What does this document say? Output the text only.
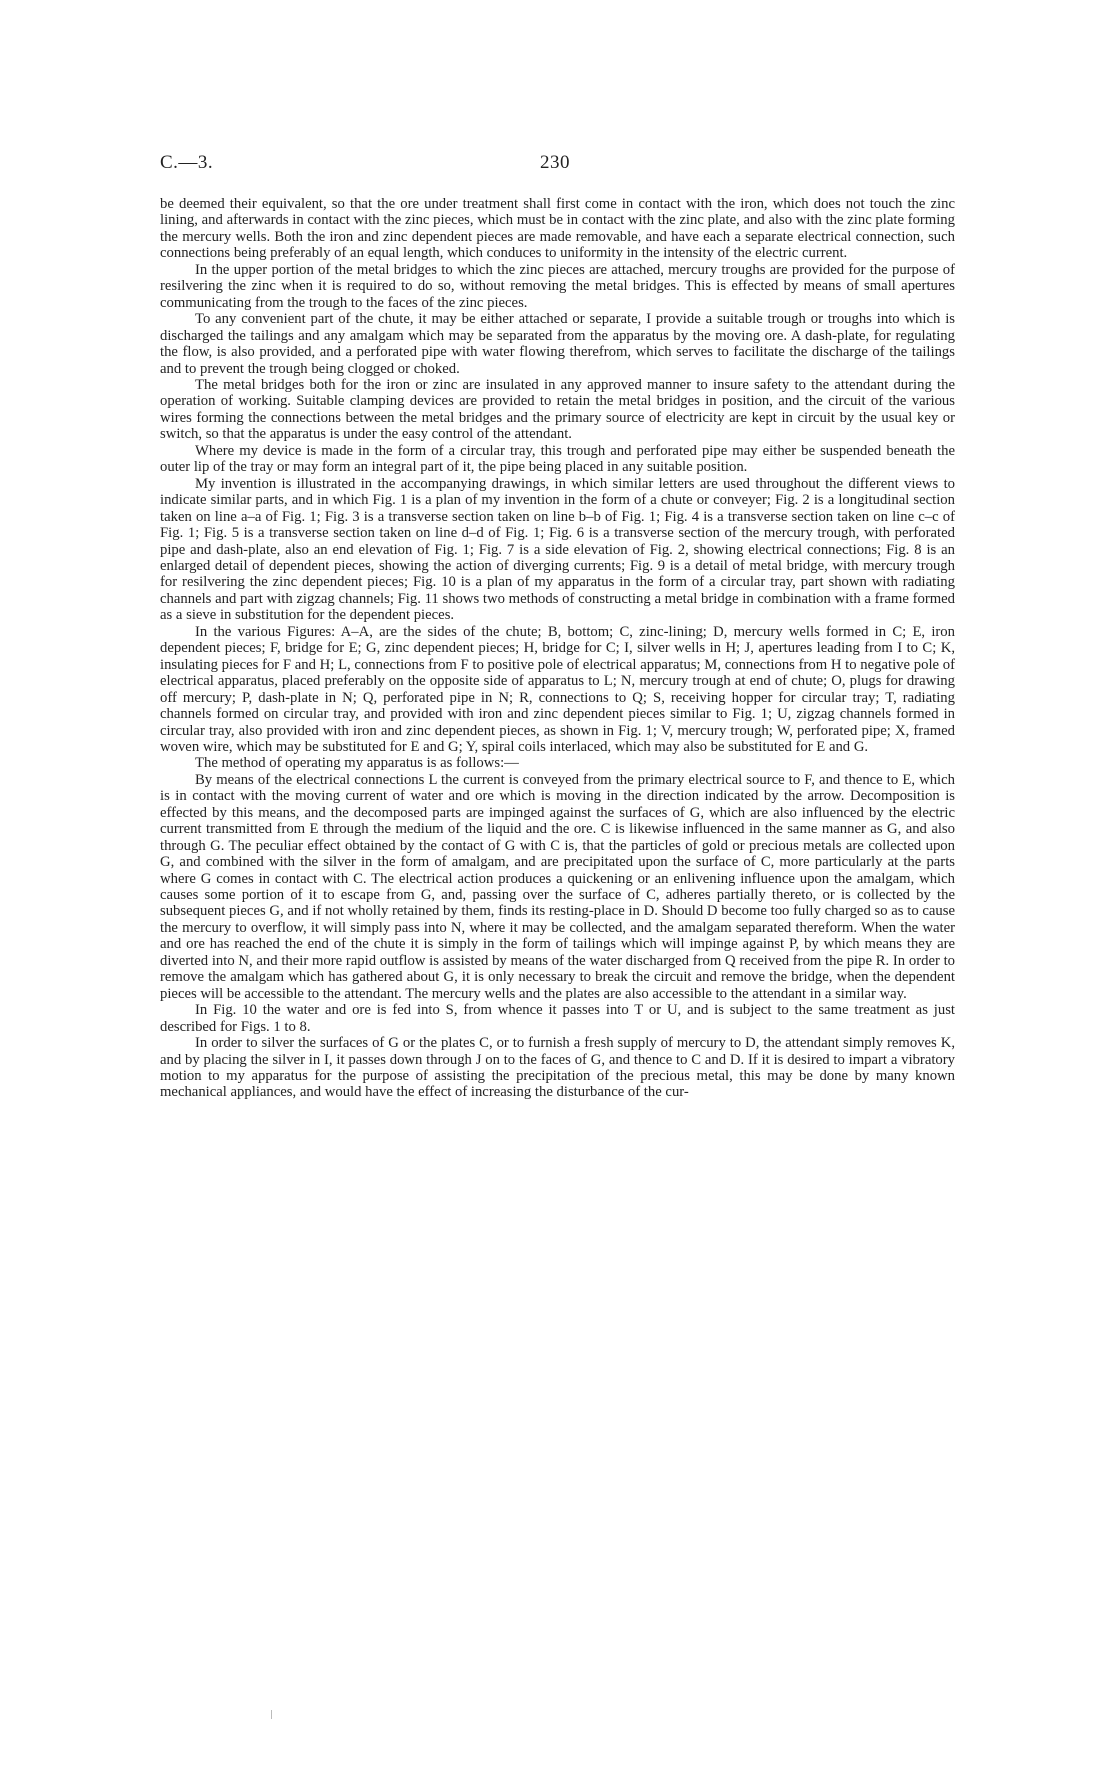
C.—3.	230

be deemed their equivalent, so that the ore under treatment shall first come in contact with the iron, which does not touch the zinc lining, and afterwards in contact with the zinc pieces, which must be in contact with the zinc plate, and also with the zinc plate forming the mercury wells. Both the iron and zinc dependent pieces are made removable, and have each a separate electrical connection, such connections being preferably of an equal length, which conduces to uniformity in the intensity of the electric current.

In the upper portion of the metal bridges to which the zinc pieces are attached, mercury troughs are provided for the purpose of resilvering the zinc when it is required to do so, without removing the metal bridges. This is effected by means of small apertures communicating from the trough to the faces of the zinc pieces.

To any convenient part of the chute, it may be either attached or separate, I provide a suitable trough or troughs into which is discharged the tailings and any amalgam which may be separated from the apparatus by the moving ore. A dash-plate, for regulating the flow, is also provided, and a perforated pipe with water flowing therefrom, which serves to facilitate the discharge of the tailings and to prevent the trough being clogged or choked.

The metal bridges both for the iron or zinc are insulated in any approved manner to insure safety to the attendant during the operation of working. Suitable clamping devices are provided to retain the metal bridges in position, and the circuit of the various wires forming the connections between the metal bridges and the primary source of electricity are kept in circuit by the usual key or switch, so that the apparatus is under the easy control of the attendant.

Where my device is made in the form of a circular tray, this trough and perforated pipe may either be suspended beneath the outer lip of the tray or may form an integral part of it, the pipe being placed in any suitable position.

My invention is illustrated in the accompanying drawings, in which similar letters are used throughout the different views to indicate similar parts, and in which Fig. 1 is a plan of my invention in the form of a chute or conveyer; Fig. 2 is a longitudinal section taken on line a–a of Fig. 1; Fig. 3 is a transverse section taken on line b–b of Fig. 1; Fig. 4 is a transverse section taken on line c–c of Fig. 1; Fig. 5 is a transverse section taken on line d–d of Fig. 1; Fig. 6 is a transverse section of the mercury trough, with perforated pipe and dash-plate, also an end elevation of Fig. 1; Fig. 7 is a side elevation of Fig. 2, showing electrical connections; Fig. 8 is an enlarged detail of dependent pieces, showing the action of diverging currents; Fig. 9 is a detail of metal bridge, with mercury trough for resilvering the zinc dependent pieces; Fig. 10 is a plan of my apparatus in the form of a circular tray, part shown with radiating channels and part with zigzag channels; Fig. 11 shows two methods of constructing a metal bridge in combination with a frame formed as a sieve in substitution for the dependent pieces.

In the various Figures: A–A, are the sides of the chute; B, bottom; C, zinc-lining; D, mercury wells formed in C; E, iron dependent pieces; F, bridge for E; G, zinc dependent pieces; H, bridge for C; I, silver wells in H; J, apertures leading from I to C; K, insulating pieces for F and H; L, connections from F to positive pole of electrical apparatus; M, connections from H to negative pole of electrical apparatus, placed preferably on the opposite side of apparatus to L; N, mercury trough at end of chute; O, plugs for drawing off mercury; P, dash-plate in N; Q, perforated pipe in N; R, connections to Q; S, receiving hopper for circular tray; T, radiating channels formed on circular tray, and provided with iron and zinc dependent pieces similar to Fig. 1; U, zigzag channels formed in circular tray, also provided with iron and zinc dependent pieces, as shown in Fig. 1; V, mercury trough; W, perforated pipe; X, framed woven wire, which may be substituted for E and G; Y, spiral coils interlaced, which may also be substituted for E and G.

The method of operating my apparatus is as follows:—

By means of the electrical connections L the current is conveyed from the primary electrical source to F, and thence to E, which is in contact with the moving current of water and ore which is moving in the direction indicated by the arrow. Decomposition is effected by this means, and the decomposed parts are impinged against the surfaces of G, which are also influenced by the electric current transmitted from E through the medium of the liquid and the ore. C is likewise influenced in the same manner as G, and also through G. The peculiar effect obtained by the contact of G with C is, that the particles of gold or precious metals are collected upon G, and combined with the silver in the form of amalgam, and are precipitated upon the surface of C, more particularly at the parts where G comes in contact with C. The electrical action produces a quickening or an enlivening influence upon the amalgam, which causes some portion of it to escape from G, and, passing over the surface of C, adheres partially thereto, or is collected by the subsequent pieces G, and if not wholly retained by them, finds its resting-place in D. Should D become too fully charged so as to cause the mercury to overflow, it will simply pass into N, where it may be collected, and the amalgam separated thereform. When the water and ore has reached the end of the chute it is simply in the form of tailings which will impinge against P, by which means they are diverted into N, and their more rapid outflow is assisted by means of the water discharged from Q received from the pipe R. In order to remove the amalgam which has gathered about G, it is only necessary to break the circuit and remove the bridge, when the dependent pieces will be accessible to the attendant. The mercury wells and the plates are also accessible to the attendant in a similar way.

In Fig. 10 the water and ore is fed into S, from whence it passes into T or U, and is subject to the same treatment as just described for Figs. 1 to 8.

In order to silver the surfaces of G or the plates C, or to furnish a fresh supply of mercury to D, the attendant simply removes K, and by placing the silver in I, it passes down through J on to the faces of G, and thence to C and D. If it is desired to impart a vibratory motion to my apparatus for the purpose of assisting the precipitation of the precious metal, this may be done by many known mechanical appliances, and would have the effect of increasing the disturbance of the cur-
